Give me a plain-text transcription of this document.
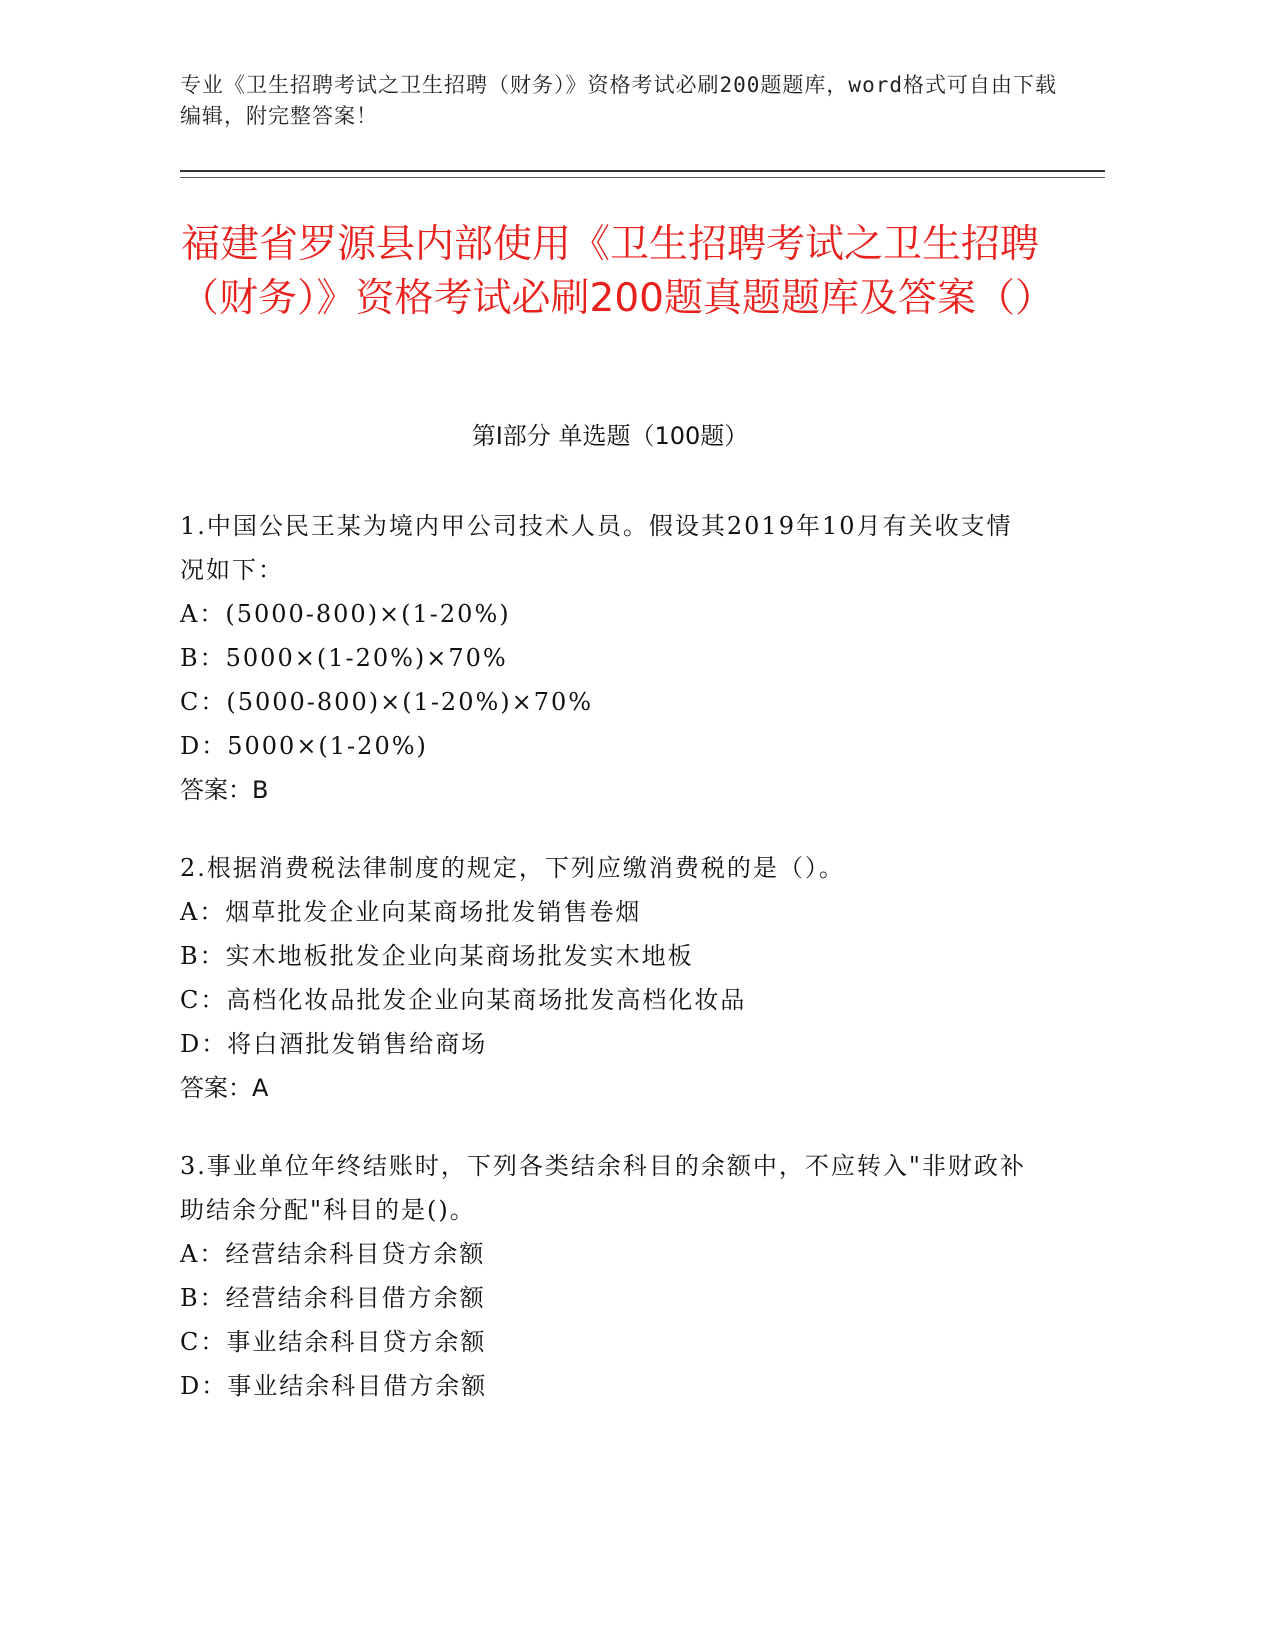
专业《卫生招聘考试之卫生招聘（财务）》资格考试必刷200题题库，word格式可自由下载编辑，附完整答案！
福建省罗源县内部使用《卫生招聘考试之卫生招聘（财务）》资格考试必刷200题真题题库及答案（）
第I部分 单选题（100题）
1.中国公民王某为境内甲公司技术人员。假设其2019年10月有关收支情况如下：
A：(5000-800)×(1-20%)
B：5000×(1-20%)×70%
C：(5000-800)×(1-20%)×70%
D：5000×(1-20%)
答案：B
2.根据消费税法律制度的规定，下列应缴消费税的是（）。
A：烟草批发企业向某商场批发销售卷烟
B：实木地板批发企业向某商场批发实木地板
C：高档化妆品批发企业向某商场批发高档化妆品
D：将白酒批发销售给商场
答案：A
3.事业单位年终结账时，下列各类结余科目的余额中，不应转入"非财政补助结余分配"科目的是()。
A：经营结余科目贷方余额
B：经营结余科目借方余额
C：事业结余科目贷方余额
D：事业结余科目借方余额
